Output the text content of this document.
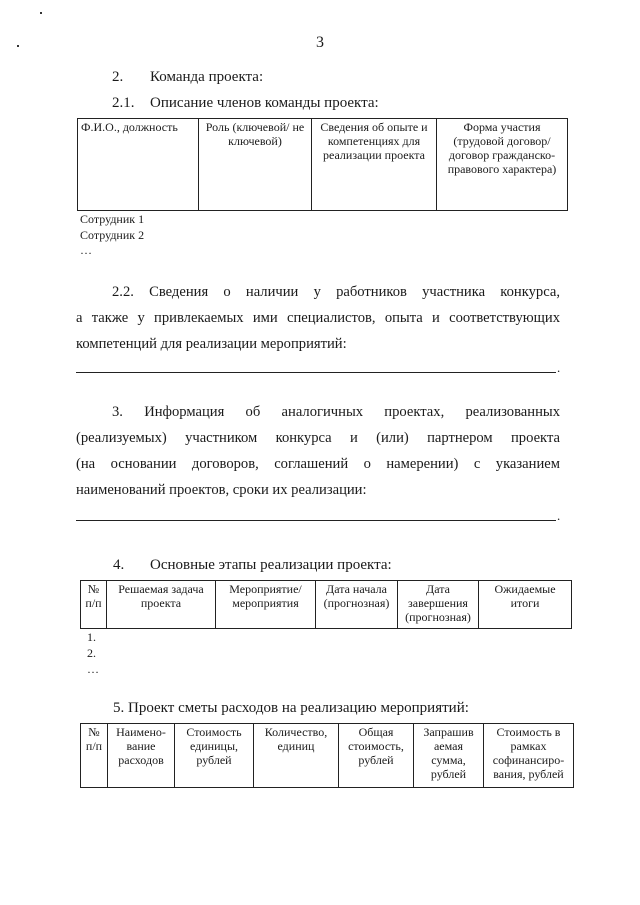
3
2. Команда проекта:
2.1. Описание членов команды проекта:
Ф.И.О., должность	Роль (ключевой/ не ключевой)	Сведения об опыте и компетенциях для реализации проекта	Форма участия (трудовой договор/договор гражданско-правового характера)
Сотрудник 1
Сотрудник 2
…
2.2. Сведения о наличии у работников участника конкурса,
а также у привлекаемых ими специалистов, опыта и соответствующих
компетенций для реализации мероприятий:
.
3. Информация об аналогичных проектах, реализованных
(реализуемых) участником конкурса и (или) партнером проекта
(на основании договоров, соглашений о намерении) с указанием
наименований проектов, сроки их реализации:
.
4. Основные этапы реализации проекта:
№ п/п	Решаемая задача проекта	Мероприятие/ мероприятия	Дата начала (прогнозная)	Дата завершения (прогнозная)	Ожидаемые итоги
1.
2.
…
5. Проект сметы расходов на реализацию мероприятий:
№ п/п	Наимено-вание расходов	Стоимость единицы, рублей	Количество, единиц	Общая стоимость, рублей	Запрашив аемая сумма, рублей	Стоимость в рамках софинансиро-вания, рублей
